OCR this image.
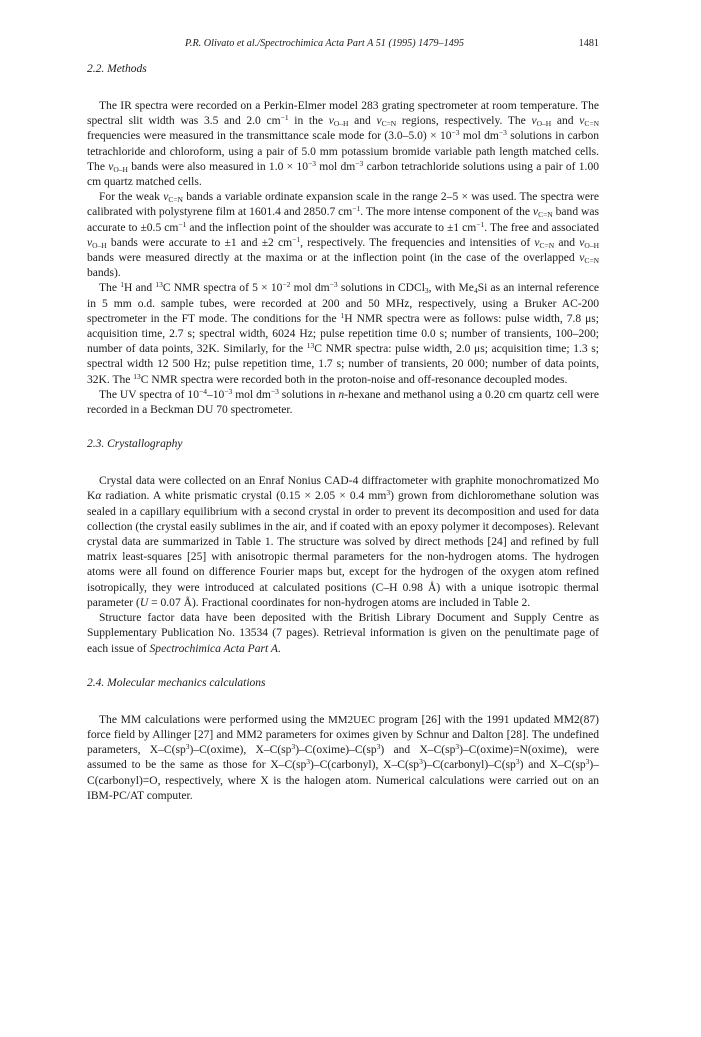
P.R. Olivato et al./Spectrochimica Acta Part A 51 (1995) 1479–1495	1481
2.2. Methods

The IR spectra were recorded on a Perkin-Elmer model 283 grating spectrometer at room temperature. The spectral slit width was 3.5 and 2.0 $cm^{-1}$ in the $\nu_{O-H}$ and $\nu_{C=N}$ regions, respectively. The $\nu_{O-H}$ and $\nu_{C=N}$ frequencies were measured in the transmittance scale mode for $(3.0-5.0) \times 10^{-3}$ mol $dm^{-3}$ solutions in carbon tetrachloride and chloroform, using a pair of 5.0 mm potassium bromide variable path length matched cells. The $\nu_{O-H}$ bands were also measured in $1.0 \times 10^{-3}$ mol $dm^{-3}$ carbon tetrachloride solutions using a pair of 1.00 cm quartz matched cells.

For the weak $\nu_{C=N}$ bands a variable ordinate expansion scale in the range 2–5 × was used. The spectra were calibrated with polystyrene film at 1601.4 and 2850.7 $cm^{-1}$. The more intense component of the $\nu_{C=N}$ band was accurate to ±0.5 $cm^{-1}$ and the inflection point of the shoulder was accurate to ±1 $cm^{-1}$. The free and associated $\nu_{O-H}$ bands were accurate to ±1 and ±2 $cm^{-1}$, respectively. The frequencies and intensities of $\nu_{C=N}$ and $\nu_{O-H}$ bands were measured directly at the maxima or at the inflection point (in the case of the overlapped $\nu_{C=N}$ bands).

The $^1$H and $^{13}$C NMR spectra of $5 \times 10^{-2}$ mol $dm^{-3}$ solutions in CDCl$_3$, with $Me_4Si$ as an internal reference in 5 mm o.d. sample tubes, were recorded at 200 and 50 MHz, respectively, using a Bruker AC-200 spectrometer in the FT mode. The conditions for the $^1$H NMR spectra were as follows: pulse width, 7.8 μs; acquisition time, 2.7 s; spectral width, 6024 Hz; pulse repetition time 0.0 s; number of transients, 100–200; number of data points, 32K. Similarly, for the $^{13}$C NMR spectra: pulse width, 2.0 μs; acquisition time; 1.3 s; spectral width 12 500 Hz; pulse repetition time, 1.7 s; number of transients, 20 000; number of data points, 32K. The $^{13}$C NMR spectra were recorded both in the proton-noise and off-resonance decoupled modes.

The UV spectra of $10^{-4}-10^{-3}$ mol $dm^{-3}$ solutions in n-hexane and methanol using a 0.20 cm quartz cell were recorded in a Beckman DU 70 spectrometer.

2.3. Crystallography

Crystal data were collected on an Enraf Nonius CAD-4 diffractometer with graphite monochromatized Mo Kα radiation. A white prismatic crystal (0.15 × 2.05 × 0.4 $mm^3$) grown from dichloromethane solution was sealed in a capillary equilibrium with a second crystal in order to prevent its decomposition and used for data collection (the crystal easily sublimes in the air, and if coated with an epoxy polymer it decomposes). Relevant crystal data are summarized in Table 1. The structure was solved by direct methods [24] and refined by full matrix least-squares [25] with anisotropic thermal parameters for the non-hydrogen atoms. The hydrogen atoms were all found on difference Fourier maps but, except for the hydrogen of the oxygen atom refined isotropically, they were introduced at calculated positions (C–H 0.98 Å) with a unique isotropic thermal parameter (U = 0.07 Å). Fractional coordinates for non-hydrogen atoms are included in Table 2.

Structure factor data have been deposited with the British Library Document and Supply Centre as Supplementary Publication No. 13534 (7 pages). Retrieval information is given on the penultimate page of each issue of Spectrochimica Acta Part A.

2.4. Molecular mechanics calculations

The MM calculations were performed using the MM2UEC program [26] with the 1991 updated MM2(87) force field by Allinger [27] and MM2 parameters for oximes given by Schnur and Dalton [28]. The undefined parameters, $X-C(sp^3)-C(oxime)$, $X-C(sp^3)-C(oxime)-C(sp^3)$ and $X-C(sp^3)-C(oxime)=N(oxime)$, were assumed to be the same as those for $X-C(sp^3)-C(carbonyl)$, $X-C(sp^3)-C(carbonyl)-C(sp^3)$ and $X-C(sp^3)-C(carbonyl)=O$, respectively, where X is the halogen atom. Numerical calculations were carried out on an IBM-PC/AT computer.
